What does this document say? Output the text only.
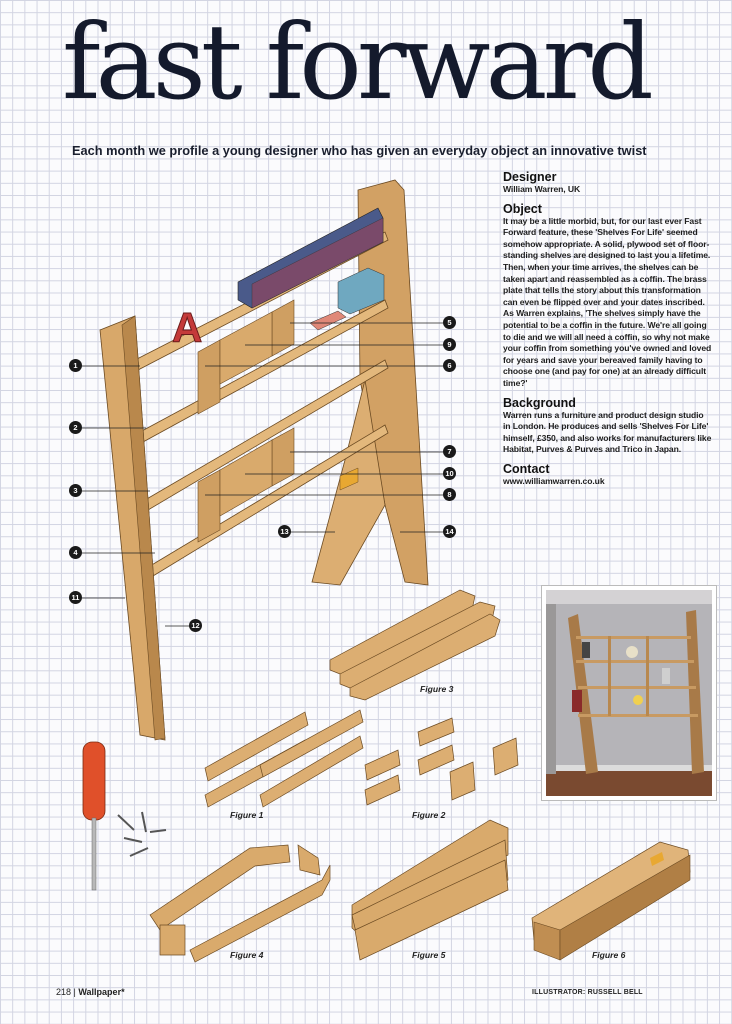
fast forward
Each month we profile a young designer who has given an everyday object an innovative twist
Designer

William Warren, UK

Object

It may be a little morbid, but, for our last ever Fast Forward feature, these 'Shelves For Life' seemed somehow appropriate. A solid, plywood set of floor-standing shelves are designed to last you a lifetime. Then, when your time arrives, the shelves can be taken apart and reassembled as a coffin. The brass plate that tells the story about this transformation can even be flipped over and your dates inscribed. As Warren explains, 'The shelves simply have the potential to be a coffin in the future. We're all going to die and we will all need a coffin, so why not make your coffin from something you've owned and loved for years and save your bereaved family having to choose one (and pay for one) at an already difficult time?'

Background

Warren runs a furniture and product design studio in London. He produces and sells 'Shelves For Life' himself, £350, and also works for manufacturers like Habitat, Purves & Purves and Trico in Japan.

Contact

www.williamwarren.co.uk

A
1
2
3
4
5
6
7
8
9
10
11
12
13	14
Figure 3
Figure 1	Figure 2
Figure 4	Figure 5	Figure 6
218 | Wallpaper*	ILLUSTRATOR: RUSSELL BELL
